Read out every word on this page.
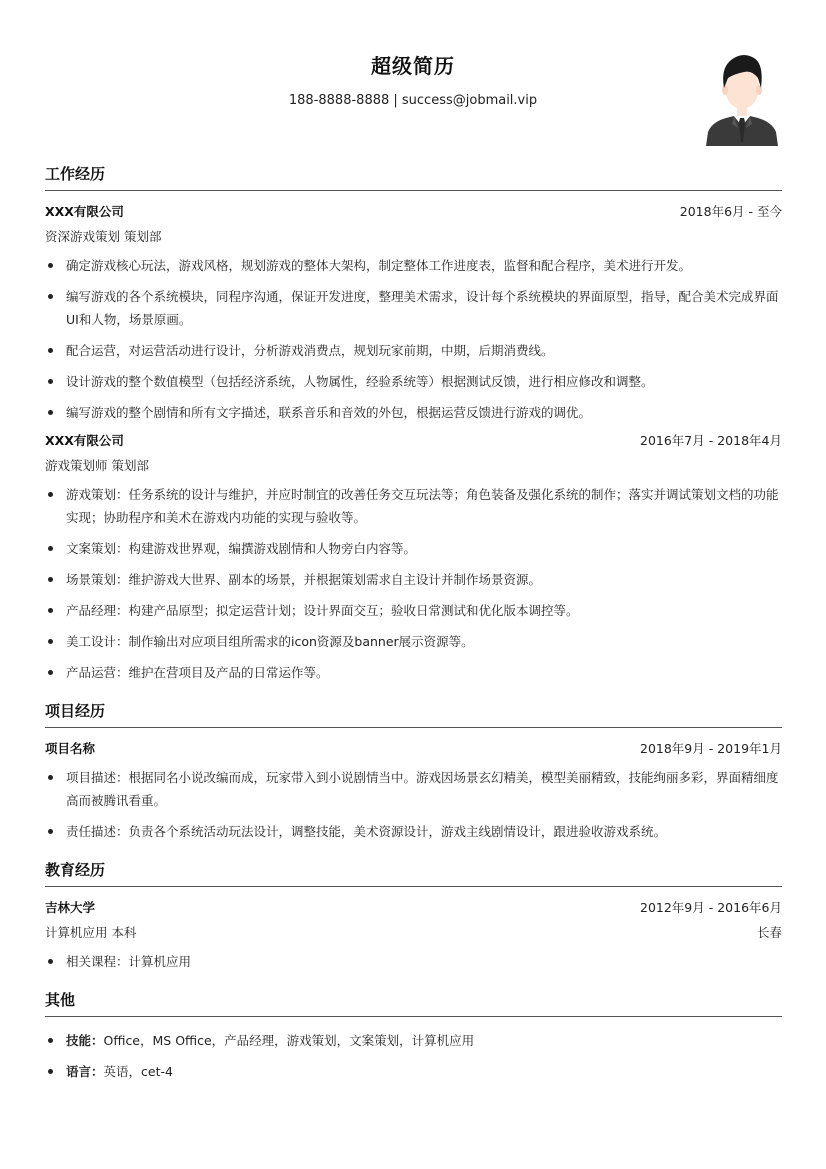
超级简历
188-8888-8888 | success@jobmail.vip
工作经历
XXX有限公司	2018年6月 - 至今
资深游戏策划 策划部
确定游戏核心玩法，游戏风格，规划游戏的整体大架构，制定整体工作进度表，监督和配合程序，美术进行开发。
编写游戏的各个系统模块，同程序沟通，保证开发进度，整理美术需求，设计每个系统模块的界面原型，指导，配合美术完成界面UI和人物，场景原画。
配合运营，对运营活动进行设计，分析游戏消费点，规划玩家前期，中期，后期消费线。
设计游戏的整个数值模型（包括经济系统，人物属性，经验系统等）根据测试反馈，进行相应修改和调整。
编写游戏的整个剧情和所有文字描述，联系音乐和音效的外包，根据运营反馈进行游戏的调优。
XXX有限公司	2016年7月 - 2018年4月
游戏策划师 策划部
游戏策划：任务系统的设计与维护，并应时制宜的改善任务交互玩法等；角色装备及强化系统的制作；落实并调试策划文档的功能实现；协助程序和美术在游戏内功能的实现与验收等。
文案策划：构建游戏世界观，编撰游戏剧情和人物旁白内容等。
场景策划：维护游戏大世界、副本的场景，并根据策划需求自主设计并制作场景资源。
产品经理：构建产品原型；拟定运营计划；设计界面交互；验收日常测试和优化版本调控等。
美工设计：制作输出对应项目组所需求的icon资源及banner展示资源等。
产品运营：维护在营项目及产品的日常运作等。
项目经历
项目名称	2018年9月 - 2019年1月
项目描述：根据同名小说改编而成，玩家带入到小说剧情当中。游戏因场景玄幻精美，模型美丽精致，技能绚丽多彩，界面精细度高而被腾讯看重。
责任描述：负责各个系统活动玩法设计，调整技能，美术资源设计，游戏主线剧情设计，跟进验收游戏系统。
教育经历
吉林大学	2012年9月 - 2016年6月
计算机应用 本科	长春
相关课程：计算机应用
其他
技能：Office，MS Office，产品经理，游戏策划，文案策划，计算机应用
语言：英语，cet-4
